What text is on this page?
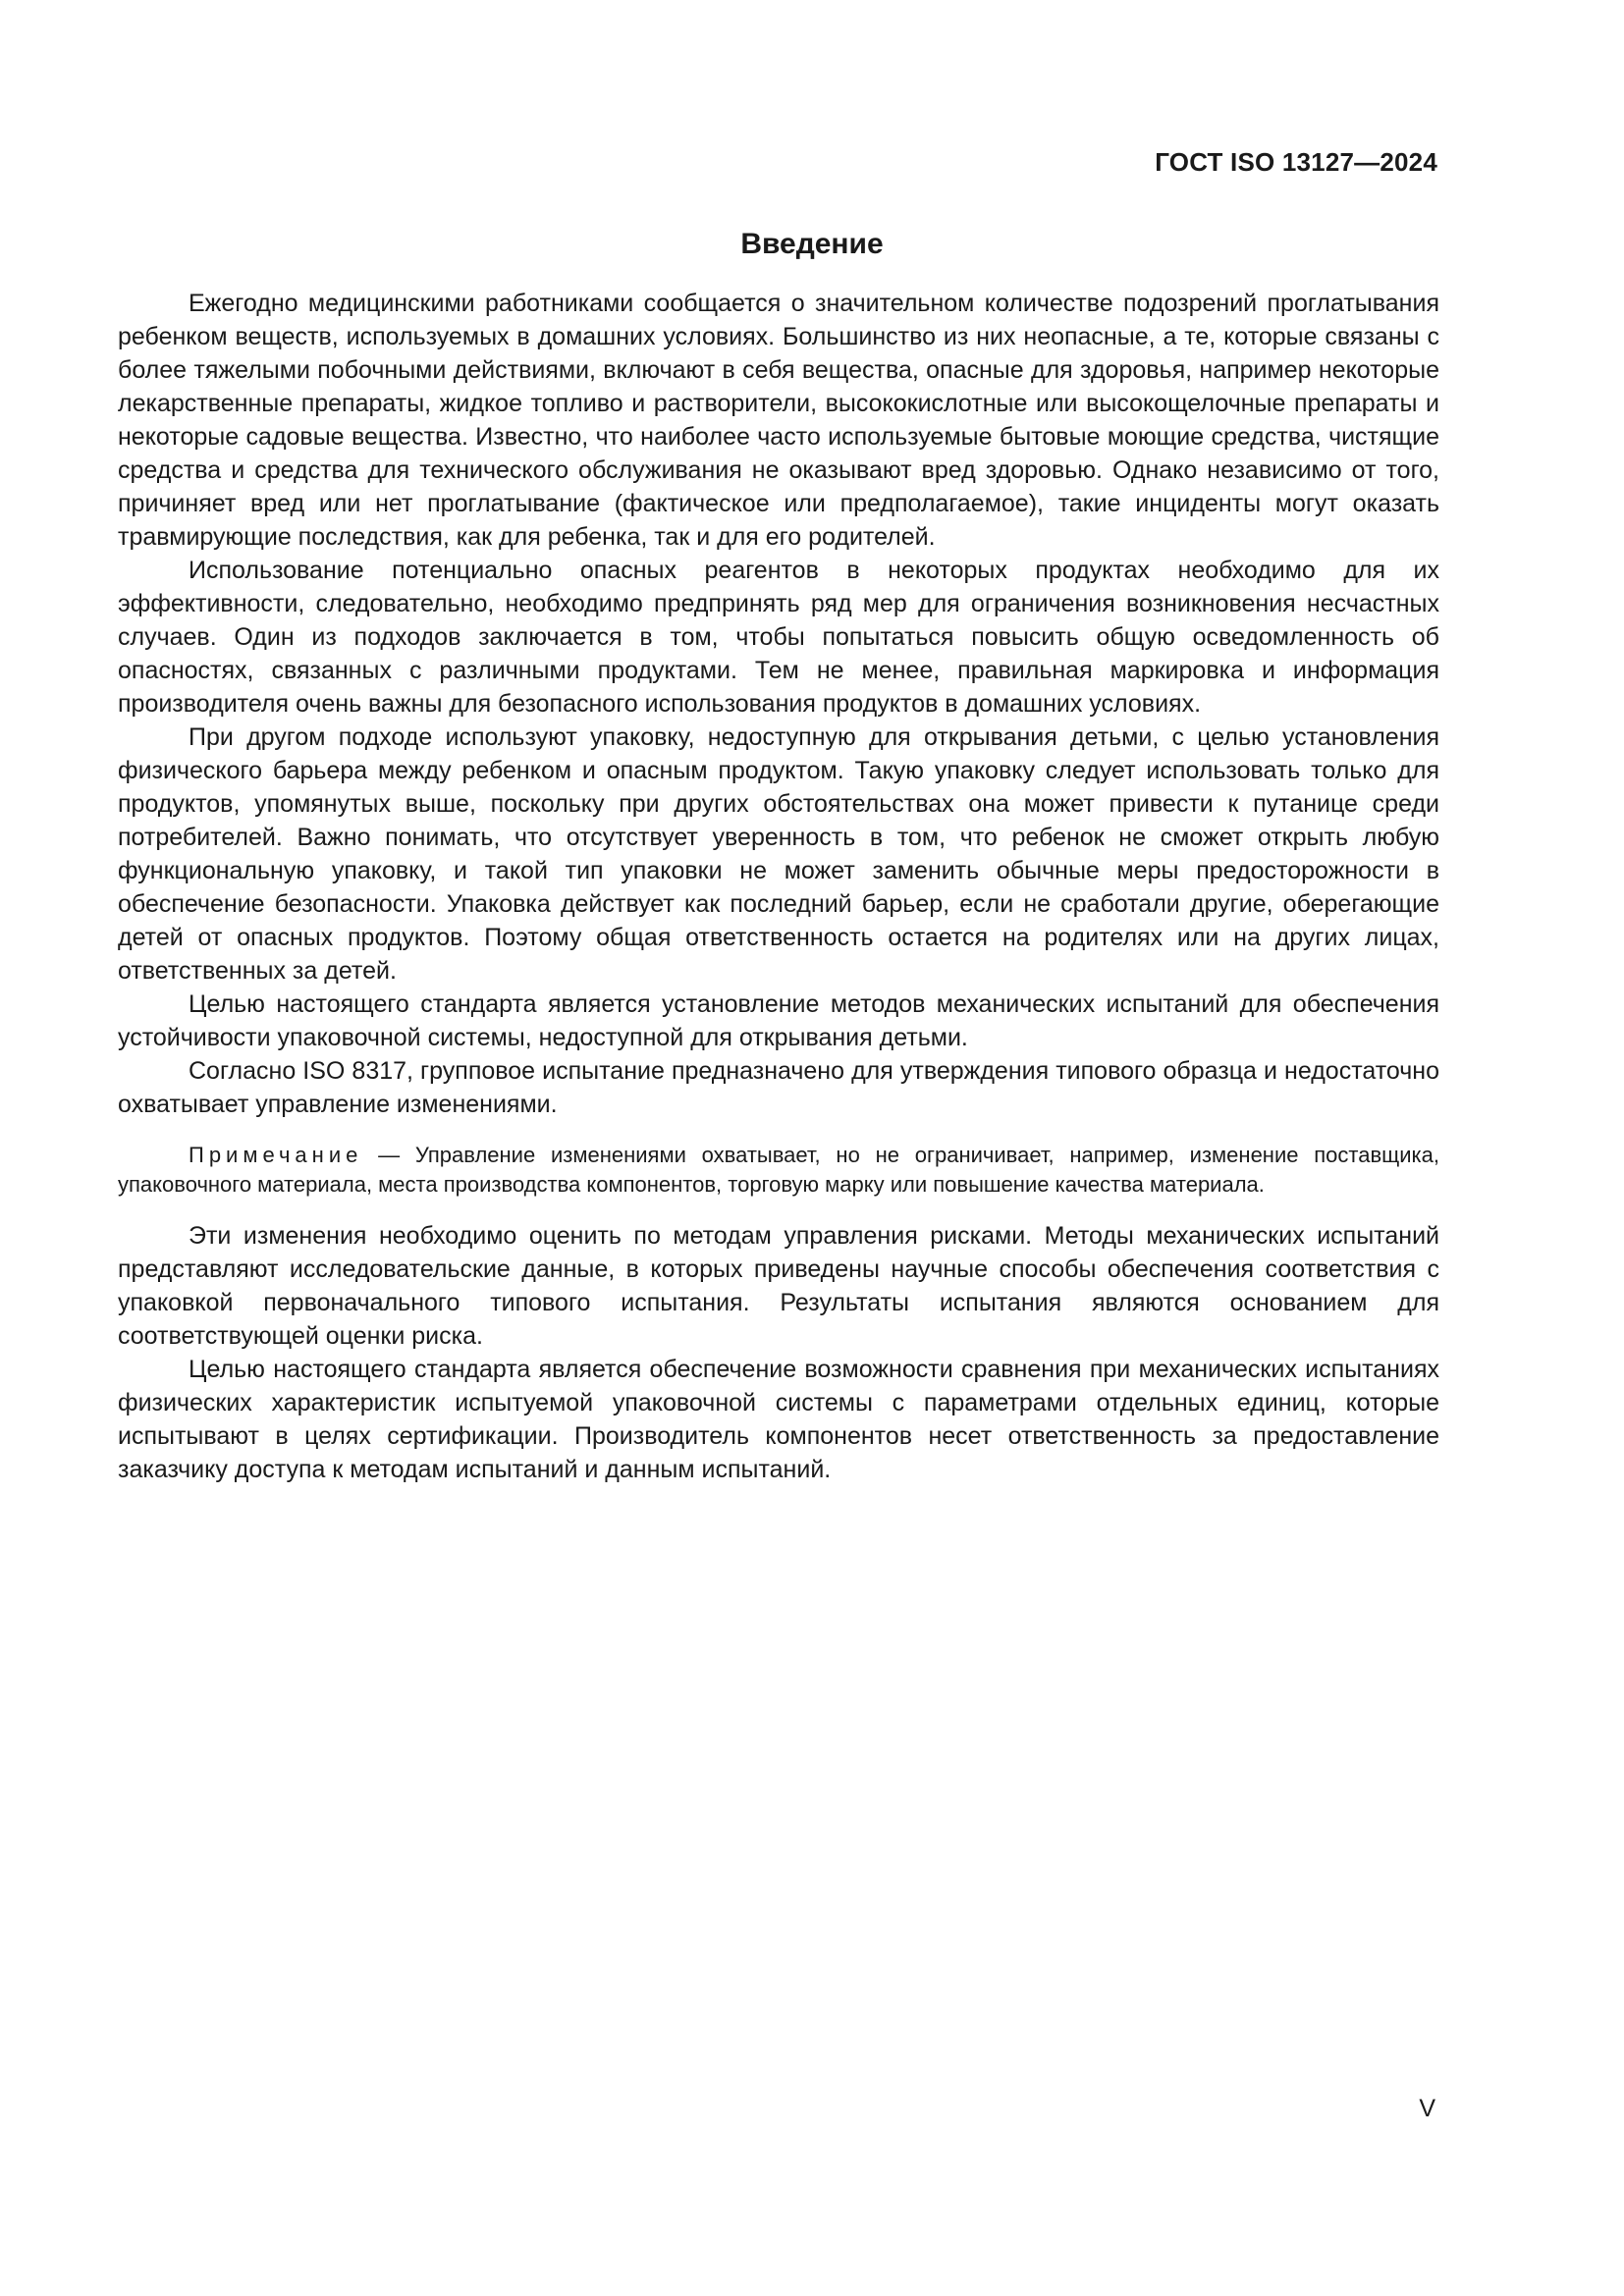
ГОСТ ISO 13127—2024
Введение

Ежегодно медицинскими работниками сообщается о значительном количестве подозрений проглатывания ребенком веществ, используемых в домашних условиях. Большинство из них неопасные, а те, которые связаны с более тяжелыми побочными действиями, включают в себя вещества, опасные для здоровья, например некоторые лекарственные препараты, жидкое топливо и растворители, высококислотные или высокощелочные препараты и некоторые садовые вещества. Известно, что наиболее часто используемые бытовые моющие средства, чистящие средства и средства для технического обслуживания не оказывают вред здоровью. Однако независимо от того, причиняет вред или нет проглатывание (фактическое или предполагаемое), такие инциденты могут оказать травмирующие последствия, как для ребенка, так и для его родителей.

Использование потенциально опасных реагентов в некоторых продуктах необходимо для их эффективности, следовательно, необходимо предпринять ряд мер для ограничения возникновения несчастных случаев. Один из подходов заключается в том, чтобы попытаться повысить общую осведомленность об опасностях, связанных с различными продуктами. Тем не менее, правильная маркировка и информация производителя очень важны для безопасного использования продуктов в домашних условиях.

При другом подходе используют упаковку, недоступную для открывания детьми, с целью установления физического барьера между ребенком и опасным продуктом. Такую упаковку следует использовать только для продуктов, упомянутых выше, поскольку при других обстоятельствах она может привести к путанице среди потребителей. Важно понимать, что отсутствует уверенность в том, что ребенок не сможет открыть любую функциональную упаковку, и такой тип упаковки не может заменить обычные меры предосторожности в обеспечение безопасности. Упаковка действует как последний барьер, если не сработали другие, оберегающие детей от опасных продуктов. Поэтому общая ответственность остается на родителях или на других лицах, ответственных за детей.

Целью настоящего стандарта является установление методов механических испытаний для обеспечения устойчивости упаковочной системы, недоступной для открывания детьми.

Согласно ISO 8317, групповое испытание предназначено для утверждения типового образца и недостаточно охватывает управление изменениями.

Примечание — Управление изменениями охватывает, но не ограничивает, например, изменение поставщика, упаковочного материала, места производства компонентов, торговую марку или повышение качества материала.

Эти изменения необходимо оценить по методам управления рисками. Методы механических испытаний представляют исследовательские данные, в которых приведены научные способы обеспечения соответствия с упаковкой первоначального типового испытания. Результаты испытания являются основанием для соответствующей оценки риска.

Целью настоящего стандарта является обеспечение возможности сравнения при механических испытаниях физических характеристик испытуемой упаковочной системы с параметрами отдельных единиц, которые испытывают в целях сертификации. Производитель компонентов несет ответственность за предоставление заказчику доступа к методам испытаний и данным испытаний.

V
